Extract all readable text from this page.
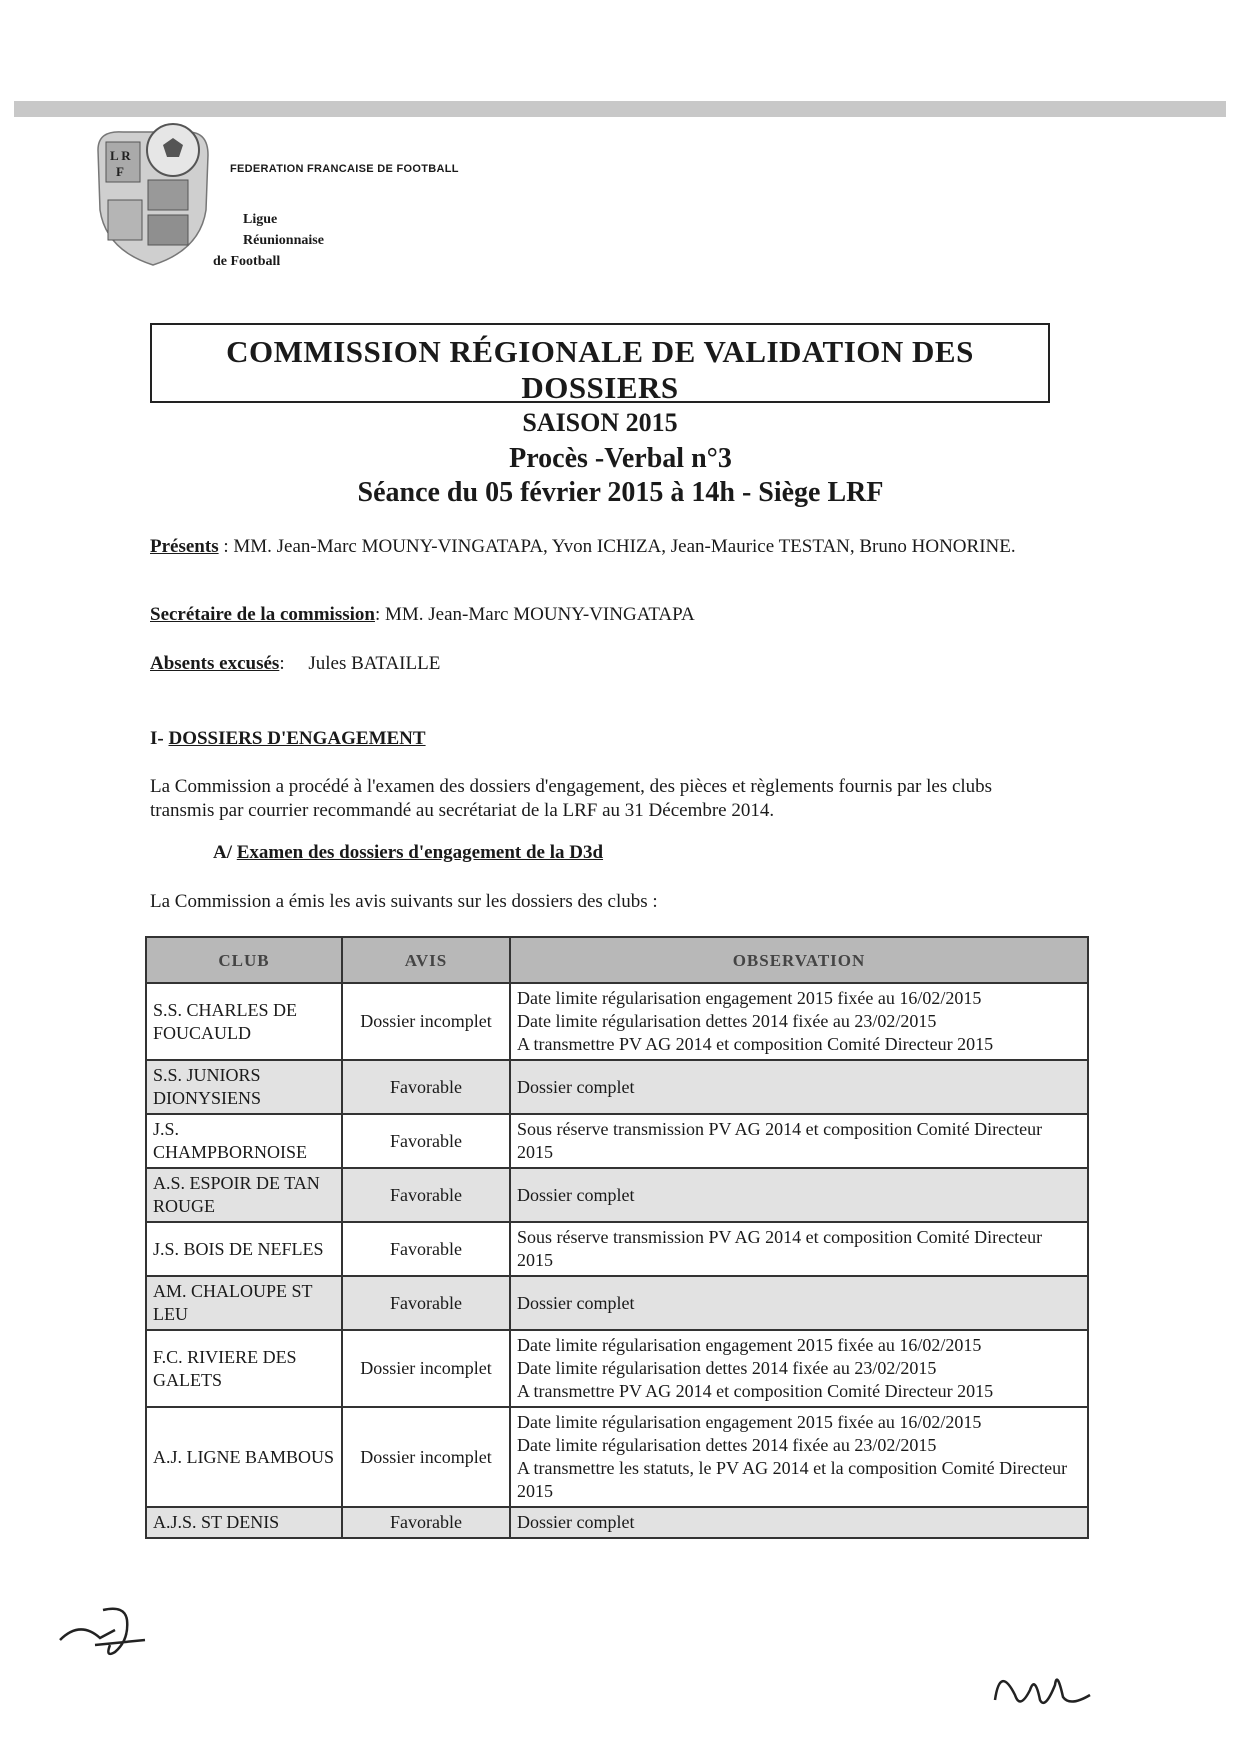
L R
F	FEDERATION FRANCAISE DE FOOTBALL
Ligue
Réunionnaise
de Football
COMMISSION RÉGIONALE DE VALIDATION DES DOSSIERS
SAISON 2015
Procès -Verbal n°3
Séance du 05 février 2015 à 14h - Siège LRF
Présents : MM. Jean-Marc MOUNY-VINGATAPA, Yvon ICHIZA, Jean-Maurice TESTAN, Bruno HONORINE.
Secrétaire de la commission: MM. Jean-Marc MOUNY-VINGATAPA
Absents excusés:     Jules BATAILLE
I- DOSSIERS D'ENGAGEMENT
La Commission a procédé à l'examen des dossiers d'engagement, des pièces et règlements fournis par les clubs transmis par courrier recommandé au secrétariat de la LRF au 31 Décembre 2014.
A/ Examen des dossiers d'engagement de la D3d
La Commission a émis les avis suivants sur les dossiers des clubs :
CLUB	AVIS	OBSERVATION
S.S. CHARLES DE FOUCAULD	Dossier incomplet	Date limite régularisation engagement 2015 fixée au 16/02/2015
Date limite régularisation dettes 2014 fixée au 23/02/2015
A transmettre PV AG 2014 et composition Comité Directeur 2015

S.S. JUNIORS DIONYSIENS	Favorable	Dossier complet

J.S. CHAMPBORNOISE	Favorable	Sous réserve transmission PV AG 2014 et composition Comité Directeur 2015

A.S. ESPOIR DE TAN ROUGE	Favorable	Dossier complet

J.S. BOIS DE NEFLES	Favorable	Sous réserve transmission PV AG 2014 et composition Comité Directeur 2015

AM. CHALOUPE ST LEU	Favorable	Dossier complet

F.C. RIVIERE DES GALETS	Dossier incomplet	Date limite régularisation engagement 2015 fixée au 16/02/2015
Date limite régularisation dettes 2014 fixée au 23/02/2015
A transmettre PV AG 2014 et composition Comité Directeur 2015

A.J. LIGNE BAMBOUS	Dossier incomplet	Date limite régularisation engagement 2015 fixée au 16/02/2015
Date limite régularisation dettes 2014 fixée au 23/02/2015
A transmettre les statuts, le PV AG 2014 et la composition Comité Directeur 2015

A.J.S. ST DENIS	Favorable	Dossier complet
